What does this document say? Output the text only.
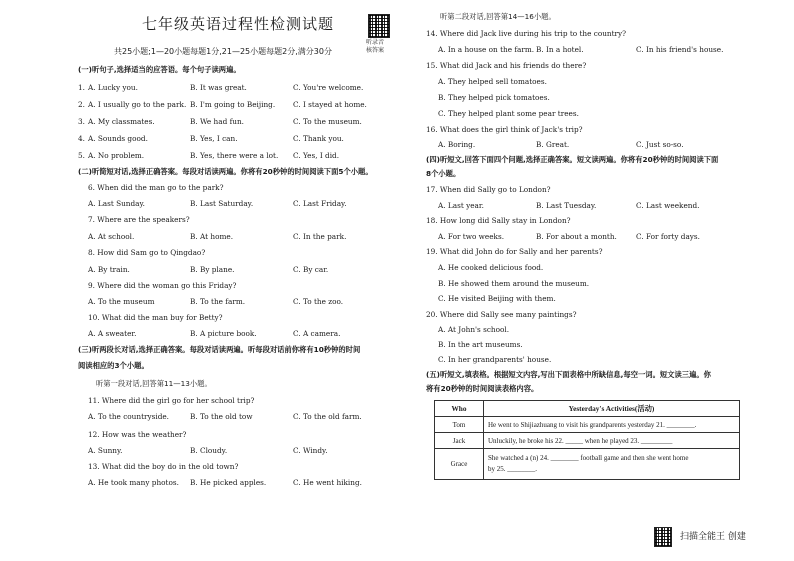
七年级英语过程性检测试题
听录音
核答案
共25小题;1—20小题每题1分,21—25小题每题2分,满分30分
(一)听句子,选择适当的应答语。每个句子读两遍。
1. A. Lucky you.	B. It was great.	C. You're welcome.
2. A. I usually go to the park. B. I'm going to Beijing. C. I stayed at home.
3. A. My classmates.	B. We had fun.	C. To the museum.
4. A. Sounds good.	B. Yes, I can.	C. Thank you.
5. A. No problem.	B. Yes, there were a lot. C. Yes, I did.
(二)听简短对话,选择正确答案。每段对话读两遍。你将有20秒钟的时间阅读下面5个小题。
6. When did the man go to the park?
A. Last Sunday.	B. Last Saturday.	C. Last Friday.
7. Where are the speakers?
A. At school.	B. At home.	C. In the park.
8. How did Sam go to Qingdao?
A. By train.	B. By plane.	C. By car.
9. Where did the woman go this Friday?
A. To the museum	B. To the farm.	C. To the zoo.
10. What did the man buy for Betty?
A. A sweater.	B. A picture book.	C. A camera.
(三)听两段长对话,选择正确答案。每段对话读两遍。听每段对话前你将有10秒钟的时间
阅读相应的3个小题。
听第一段对话,回答第11—13小题。
11. Where did the girl go for her school trip?
A. To the countryside.	B. To the old tow	C. To the old farm.
12. How was the weather?
A. Sunny.	B. Cloudy.	C. Windy.
13. What did the boy do in the old town?
A. He took many photos. B. He picked apples.	C. He went hiking.
听第二段对话,回答第14—16小题。
14. Where did Jack live during his trip to the country?
A. In a house on the farm. B. In a hotel.	C. In his friend's house.
15. What did Jack and his friends do there?
A. They helped sell tomatoes.
B. They helped pick tomatoes.
C. They helped plant some pear trees.
16. What does the girl think of Jack's trip?
A. Boring.	B. Great.	C. Just so-so.
(四)听短文,回答下面四个问题,选择正确答案。短文读两遍。你将有20秒钟的时间阅读下面
8个小题。
17. When did Sally go to London?
A. Last year.	B. Last Tuesday.	C. Last weekend.
18. How long did Sally stay in London?
A. For two weeks.	B. For about a month.	C. For forty days.
19. What did John do for Sally and her parents?
A. He cooked delicious food.
B. He showed them around the museum.
C. He visited Beijing with them.
20. Where did Sally see many paintings?
A. At John's school.
B. In the art museums.
C. In her grandparents' house.
(五)听短文,填表格。根据短文内容,写出下面表格中所缺信息,每空一词。短文读三遍。你
将有20秒钟的时间阅读表格内容。
Who	Yesterday's Activities(活动)
Tom	He went to Shijiazhuang to visit his grandparents yesterday 21. ________.
Jack	Unluckily, he broke his 22. _____ when he played 23. _________
Grace	She watched a (n) 24. ________ football game and then she went home
by 25. ________.
扫描全能王 创建
